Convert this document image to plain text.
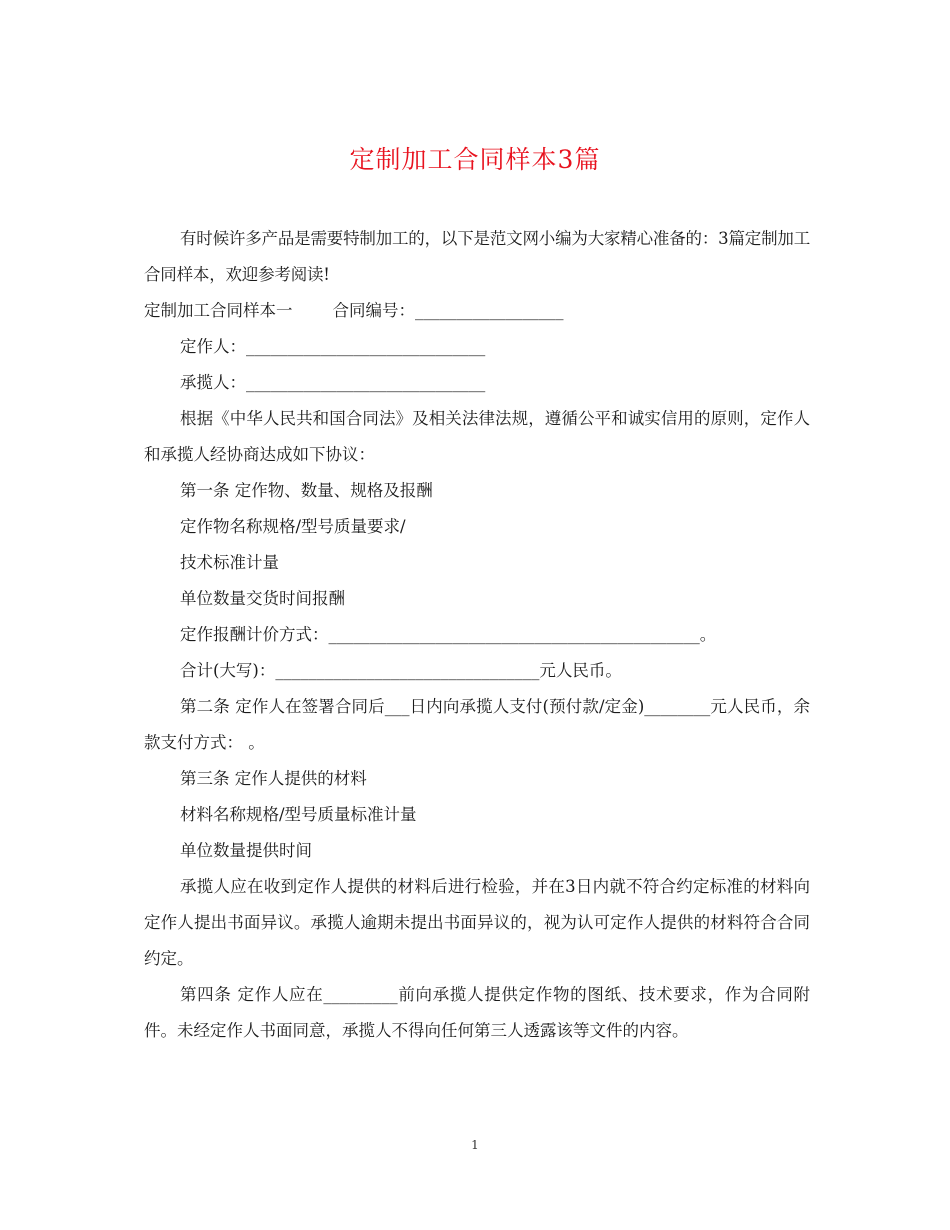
定制加工合同样本3篇

有时候许多产品是需要特制加工的，以下是范文网小编为大家精心准备的：3篇定制加工合同样本，欢迎参考阅读!

定制加工合同样本一 合同编号：__________________

定作人：_____________________________

承揽人：_____________________________

根据《中华人民共和国合同法》及相关法律法规，遵循公平和诚实信用的原则，定作人和承揽人经协商达成如下协议：

第一条 定作物、数量、规格及报酬

定作物名称规格/型号质量要求/

技术标准计量

单位数量交货时间报酬

定作报酬计价方式：_____________________________________________。

合计(大写)：________________________________元人民币。

第二条 定作人在签署合同后___日内向承揽人支付(预付款/定金)________元人民币，余款支付方式： 。

第三条 定作人提供的材料

材料名称规格/型号质量标准计量

单位数量提供时间

承揽人应在收到定作人提供的材料后进行检验，并在3日内就不符合约定标准的材料向定作人提出书面异议。承揽人逾期未提出书面异议的，视为认可定作人提供的材料符合合同约定。

第四条 定作人应在_________前向承揽人提供定作物的图纸、技术要求，作为合同附件。未经定作人书面同意，承揽人不得向任何第三人透露该等文件的内容。

1
